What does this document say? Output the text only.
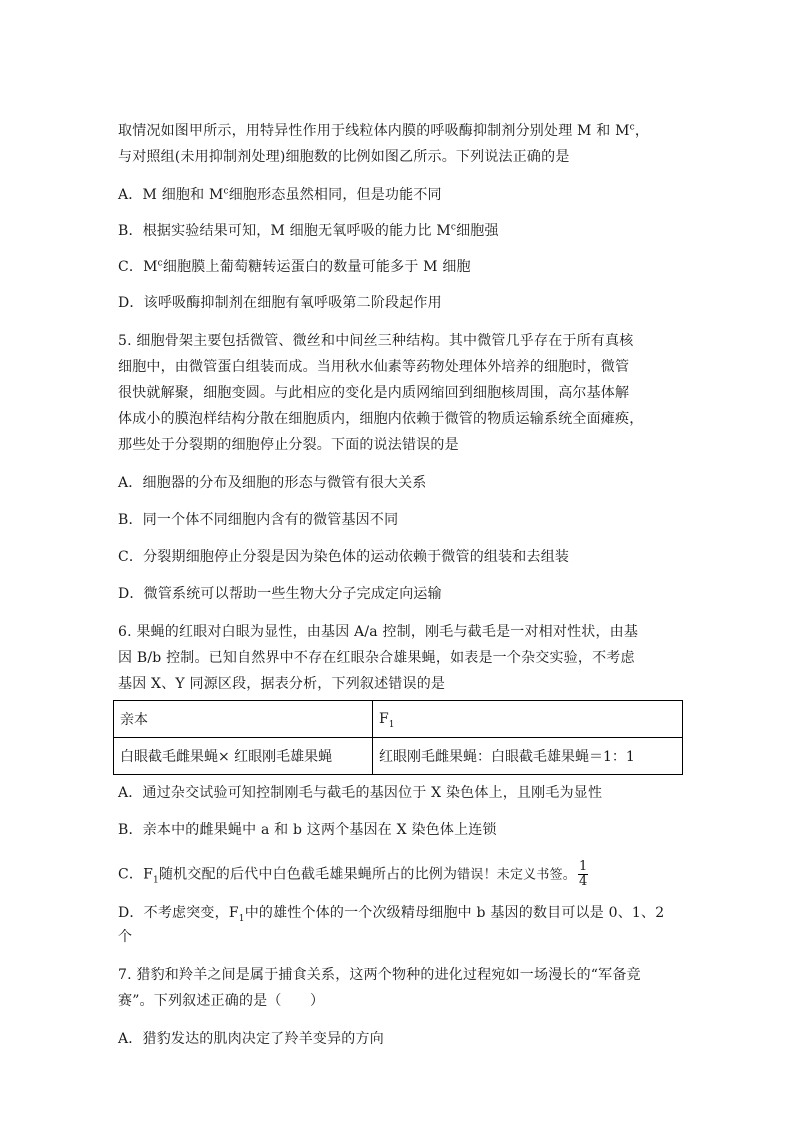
取情况如图甲所示，用特异性作用于线粒体内膜的呼吸酶抑制剂分别处理 M 和 $M^c$，
与对照组(未用抑制剂处理)细胞数的比例如图乙所示。下列说法正确的是
A．M 细胞和 $M^c$细胞形态虽然相同，但是功能不同
B．根据实验结果可知，M 细胞无氧呼吸的能力比 $M^c$细胞强
C．$M^c$细胞膜上葡萄糖转运蛋白的数量可能多于 M 细胞
D．该呼吸酶抑制剂在细胞有氧呼吸第二阶段起作用
5. 细胞骨架主要包括微管、微丝和中间丝三种结构。其中微管几乎存在于所有真核
细胞中，由微管蛋白组装而成。当用秋水仙素等药物处理体外培养的细胞时，微管
很快就解聚，细胞变圆。与此相应的变化是内质网缩回到细胞核周围，高尔基体解
体成小的膜泡样结构分散在细胞质内，细胞内依赖于微管的物质运输系统全面瘫痪，
那些处于分裂期的细胞停止分裂。下面的说法错误的是
A．细胞器的分布及细胞的形态与微管有很大关系
B．同一个体不同细胞内含有的微管基因不同
C．分裂期细胞停止分裂是因为染色体的运动依赖于微管的组装和去组装
D．微管系统可以帮助一些生物大分子完成定向运输
6. 果蝇的红眼对白眼为显性，由基因 A/a 控制，刚毛与截毛是一对相对性状，由基
因 B/b 控制。已知自然界中不存在红眼杂合雄果蝇，如表是一个杂交实验，不考虑
基因 X、Y 同源区段，据表分析，下列叙述错误的是
亲本	$F_1$
白眼截毛雌果蝇× 红眼刚毛雄果蝇	红眼刚毛雌果蝇：白眼截毛雄果蝇＝1：1
A．通过杂交试验可知控制刚毛与截毛的基因位于 X 染色体上，且刚毛为显性
B．亲本中的雌果蝇中 a 和 b 这两个基因在 X 染色体上连锁
C．$F_1$随机交配的后代中白色截毛雄果蝇所占的比例为错误！未定义书签。 $\frac{1}{4}$
D．不考虑突变，$F_1$中的雄性个体的一个次级精母细胞中 b 基因的数目可以是 0、1、2
个
7. 猎豹和羚羊之间是属于捕食关系，这两个物种的进化过程宛如一场漫长的“军备竞
赛”。下列叙述正确的是（　　）
A．猎豹发达的肌肉决定了羚羊变异的方向
